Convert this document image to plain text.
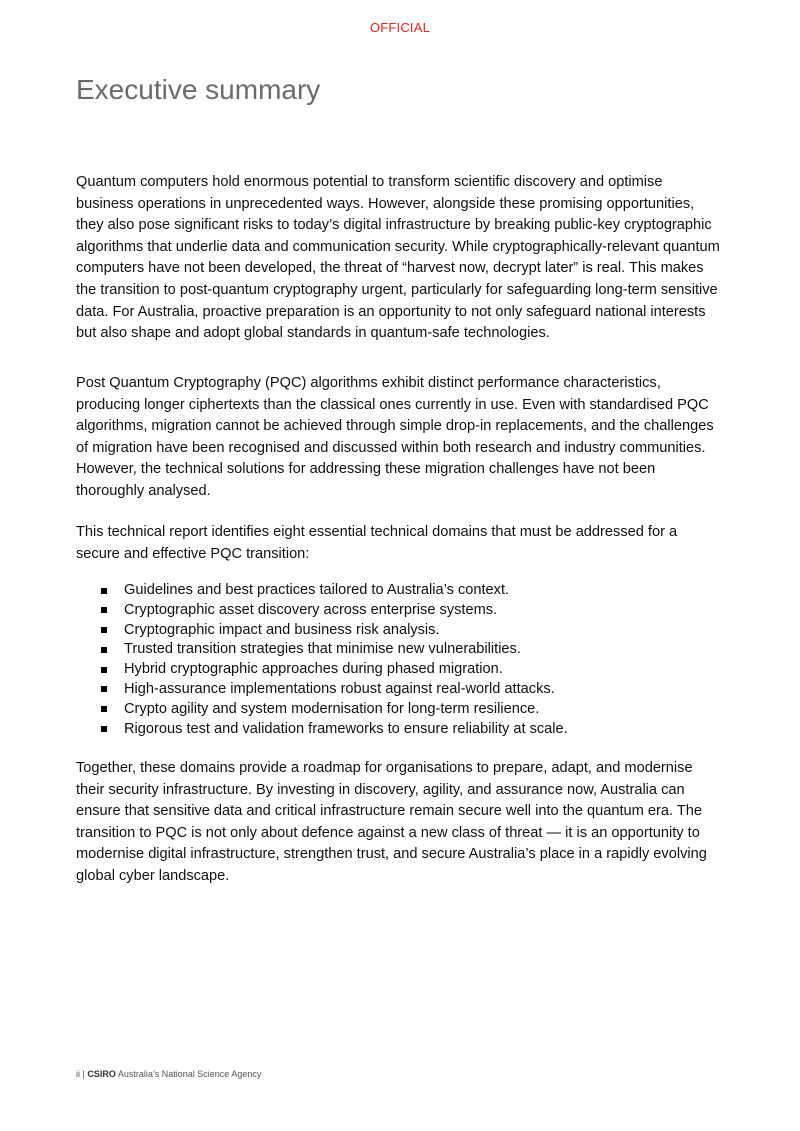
OFFICIAL
Executive summary

Quantum computers hold enormous potential to transform scientific discovery and optimise business operations in unprecedented ways. However, alongside these promising opportunities, they also pose significant risks to today’s digital infrastructure by breaking public-key cryptographic algorithms that underlie data and communication security. While cryptographically-relevant quantum computers have not been developed, the threat of “harvest now, decrypt later” is real. This makes the transition to post-quantum cryptography urgent, particularly for safeguarding long-term sensitive data. For Australia, proactive preparation is an opportunity to not only safeguard national interests but also shape and adopt global standards in quantum-safe technologies.

Post Quantum Cryptography (PQC) algorithms exhibit distinct performance characteristics, producing longer ciphertexts than the classical ones currently in use. Even with standardised PQC algorithms, migration cannot be achieved through simple drop-in replacements, and the challenges of migration have been recognised and discussed within both research and industry communities. However, the technical solutions for addressing these migration challenges have not been thoroughly analysed.

This technical report identifies eight essential technical domains that must be addressed for a secure and effective PQC transition:

Guidelines and best practices tailored to Australia’s context.
Cryptographic asset discovery across enterprise systems.
Cryptographic impact and business risk analysis.
Trusted transition strategies that minimise new vulnerabilities.
Hybrid cryptographic approaches during phased migration.
High-assurance implementations robust against real-world attacks.
Crypto agility and system modernisation for long-term resilience.
Rigorous test and validation frameworks to ensure reliability at scale.

Together, these domains provide a roadmap for organisations to prepare, adapt, and modernise their security infrastructure. By investing in discovery, agility, and assurance now, Australia can ensure that sensitive data and critical infrastructure remain secure well into the quantum era. The transition to PQC is not only about defence against a new class of threat — it is an opportunity to modernise digital infrastructure, strengthen trust, and secure Australia’s place in a rapidly evolving global cyber landscape.

ii | CSIRO Australia’s National Science Agency
